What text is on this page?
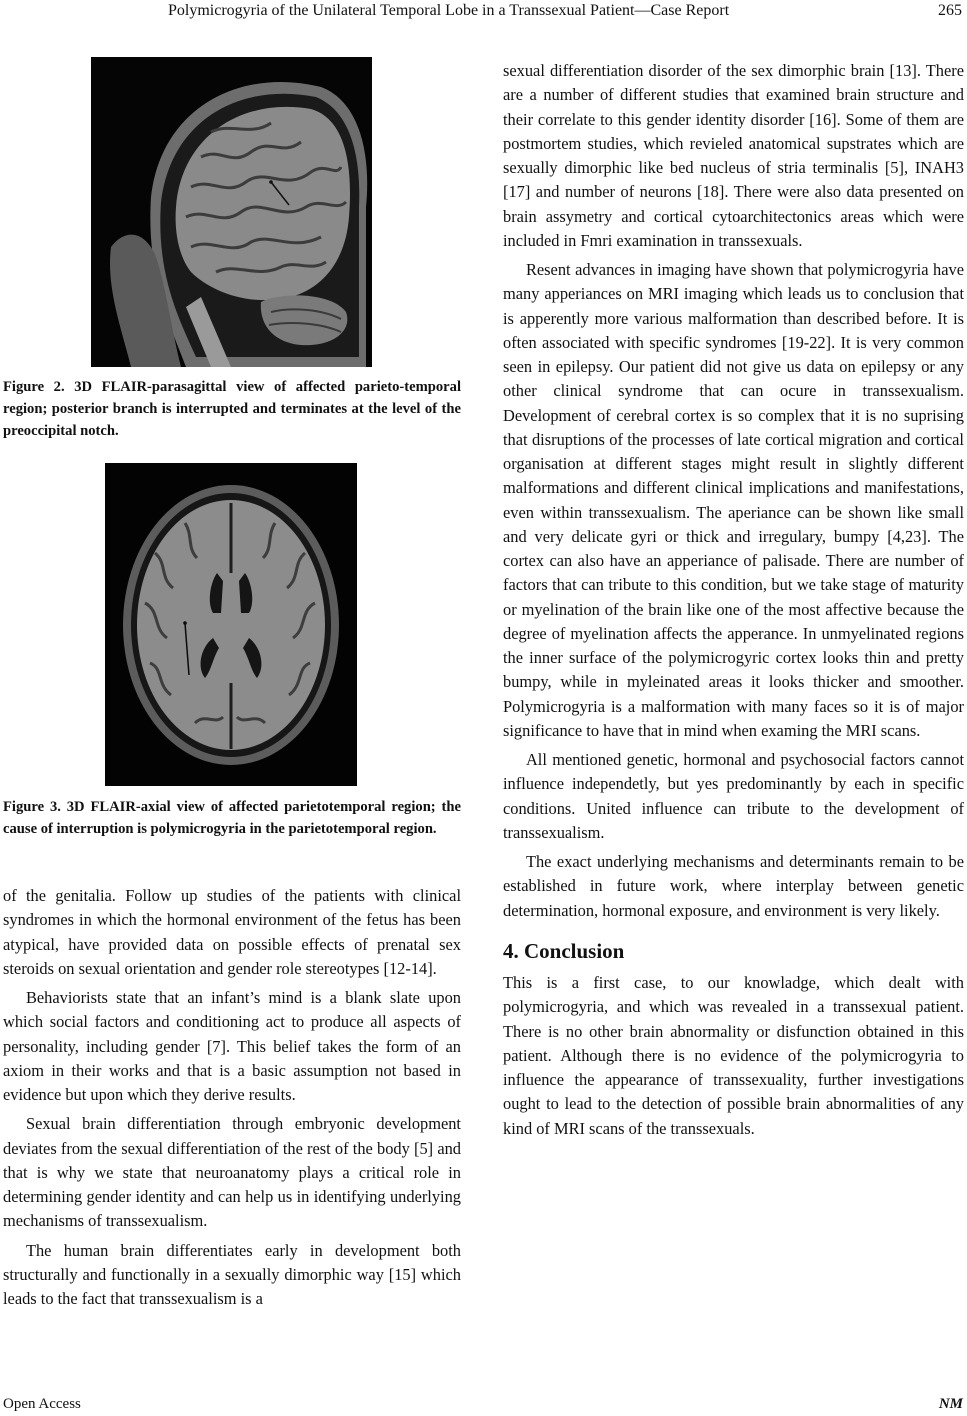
Polymicrogyria of the Unilateral Temporal Lobe in a Transsexual Patient—Case Report	265
Figure 2. 3D FLAIR-parasagittal view of affected parieto-temporal region; posterior branch is interrupted and terminates at the level of the preoccipital notch.
Figure 3. 3D FLAIR-axial view of affected parietotemporal region; the cause of interruption is polymicrogyria in the parietotemporal region.

of the genitalia. Follow up studies of the patients with clinical syndromes in which the hormonal environment of the fetus has been atypical, have provided data on possible effects of prenatal sex steroids on sexual orientation and gender role stereotypes [12-14].

Behaviorists state that an infant’s mind is a blank slate upon which social factors and conditioning act to produce all aspects of personality, including gender [7]. This belief takes the form of an axiom in their works and that is a basic assumption not based in evidence but upon which they derive results.

Sexual brain differentiation through embryonic development deviates from the sexual differentiation of the rest of the body [5] and that is why we state that neuroanatomy plays a critical role in determining gender identity and can help us in identifying underlying mechanisms of transsexualism.

The human brain differentiates early in development both structurally and functionally in a sexually dimorphic way [15] which leads to the fact that transsexualism is a

sexual differentiation disorder of the sex dimorphic brain [13]. There are a number of different studies that examined brain structure and their correlate to this gender identity disorder [16]. Some of them are postmortem studies, which revieled anatomical supstrates which are sexually dimorphic like bed nucleus of stria terminalis [5], INAH3 [17] and number of neurons [18]. There were also data presented on brain assymetry and cortical cytoarchitectonics areas which were included in Fmri examination in transsexuals.

Resent advances in imaging have shown that polymicrogyria have many apperiances on MRI imaging which leads us to conclusion that is apperently more various malformation than described before. It is often associated with specific syndromes [19-22]. It is very common seen in epilepsy. Our patient did not give us data on epilepsy or any other clinical syndrome that can ocure in transsexualism. Development of cerebral cortex is so complex that it is no suprising that disruptions of the processes of late cortical migration and cortical organisation at different stages might result in slightly different malformations and different clinical implications and manifestations, even within transsexualism. The aperiance can be shown like small and very delicate gyri or thick and irregulary, bumpy [4,23]. The cortex can also have an apperiance of palisade. There are number of factors that can tribute to this condition, but we take stage of maturity or myelination of the brain like one of the most affective because the degree of myelination affects the apperance. In unmyelinated regions the inner surface of the polymicrogyric cortex looks thin and pretty bumpy, while in myleinated areas it looks thicker and smoother. Polymicrogyria is a malformation with many faces so it is of major significance to have that in mind when examing the MRI scans.

All mentioned genetic, hormonal and psychosocial factors cannot influence independetly, but yes predominantly by each in specific conditions. United influence can tribute to the development of transsexualism.

The exact underlying mechanisms and determinants remain to be established in future work, where interplay between genetic determination, hormonal exposure, and environment is very likely.

4. Conclusion

This is a first case, to our knowladge, which dealt with polymicrogyria, and which was revealed in a transsexual patient. There is no other brain abnormality or disfunction obtained in this patient. Although there is no evidence of the polymicrogyria to influence the appearance of transsexuality, further investigations ought to lead to the detection of possible brain abnormalities of any kind of MRI scans of the transsexuals.

Open Access	NM
